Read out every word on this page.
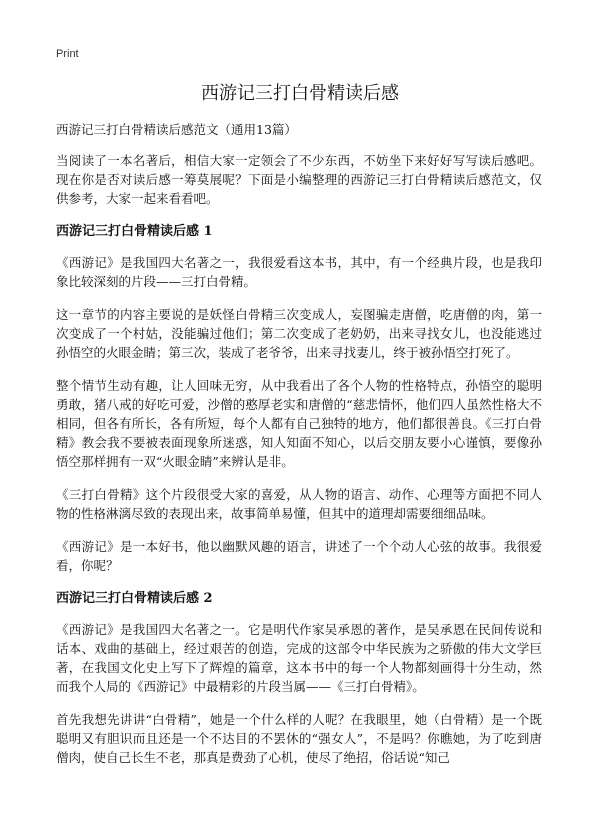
Print
西游记三打白骨精读后感
西游记三打白骨精读后感范文（通用13篇）

当阅读了一本名著后，相信大家一定领会了不少东西，不妨坐下来好好写写读后感吧。现在你是否对读后感一筹莫展呢？下面是小编整理的西游记三打白骨精读后感范文，仅供参考，大家一起来看看吧。

西游记三打白骨精读后感 1

《西游记》是我国四大名著之一，我很爱看这本书，其中，有一个经典片段，也是我印象比较深刻的片段——三打白骨精。

这一章节的内容主要说的是妖怪白骨精三次变成人，妄图骗走唐僧，吃唐僧的肉，第一次变成了一个村姑，没能骗过他们；第二次变成了老奶奶，出来寻找女儿，也没能逃过孙悟空的火眼金睛；第三次，装成了老爷爷，出来寻找妻儿，终于被孙悟空打死了。

整个情节生动有趣，让人回味无穷，从中我看出了各个人物的性格特点，孙悟空的聪明勇敢，猪八戒的好吃可爱，沙僧的憨厚老实和唐僧的“慈悲情怀，他们四人虽然性格大不相同，但各有所长，各有所短，每个人都有自己独特的地方，他们都很善良。《三打白骨精》教会我不要被表面现象所迷惑，知人知面不知心，以后交朋友要小心谨慎，要像孙悟空那样拥有一双“火眼金睛”来辨认是非。

《三打白骨精》这个片段很受大家的喜爱，从人物的语言、动作、心理等方面把不同人物的性格淋漓尽致的表现出来，故事简单易懂，但其中的道理却需要细细品味。

《西游记》是一本好书，他以幽默风趣的语言，讲述了一个个动人心弦的故事。我很爱看，你呢？

西游记三打白骨精读后感 2

《西游记》是我国四大名著之一。它是明代作家吴承恩的著作，是吴承恩在民间传说和话本、戏曲的基础上，经过艰苦的创造，完成的这部令中华民族为之骄傲的伟大文学巨著，在我国文化史上写下了辉煌的篇章，这本书中的每一个人物都刻画得十分生动，然而我个人局的《西游记》中最精彩的片段当属——《三打白骨精》。

首先我想先讲讲“白骨精”，她是一个什么样的人呢？在我眼里，她（白骨精）是一个既聪明又有胆识而且还是一个不达目的不罢休的“强女人”，不是吗？你瞧她，为了吃到唐僧肉，使自己长生不老，那真是费劲了心机，使尽了绝招，俗话说“知己
